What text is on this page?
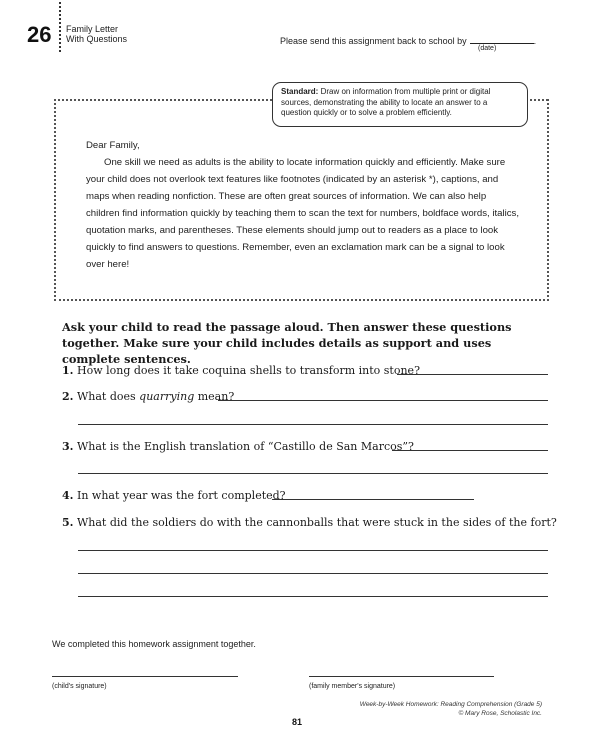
26 Family Letter
With Questions	Please send this assignment back to school by	.
(date)
Standard: Draw on information from multiple print or digital sources, demonstrating the ability to locate an answer to a question quickly or to solve a problem efficiently.

Dear Family,

One skill we need as adults is the ability to locate information quickly and efficiently. Make sure your child does not overlook text features like footnotes (indicated by an asterisk *), captions, and maps when reading nonfiction. These are often great sources of information. We can also help children find information quickly by teaching them to scan the text for numbers, boldface words, italics, quotation marks, and parentheses. These elements should jump out to readers as a place to look quickly to find answers to questions. Remember, even an exclamation mark can be a signal to look over here!

Ask your child to read the passage aloud. Then answer these questions together. Make sure your child includes details as support and uses complete sentences.
1. How long does it take coquina shells to transform into stone?
2. What does quarrying mean?
3. What is the English translation of “Castillo de San Marcos”?
4. In what year was the fort completed?
5. What did the soldiers do with the cannonballs that were stuck in the sides of the fort?
We completed this homework assignment together.
(child's signature)	(family member's signature)
81
Week-by-Week Homework: Reading Comprehension (Grade 5)
© Mary Rose, Scholastic Inc.
